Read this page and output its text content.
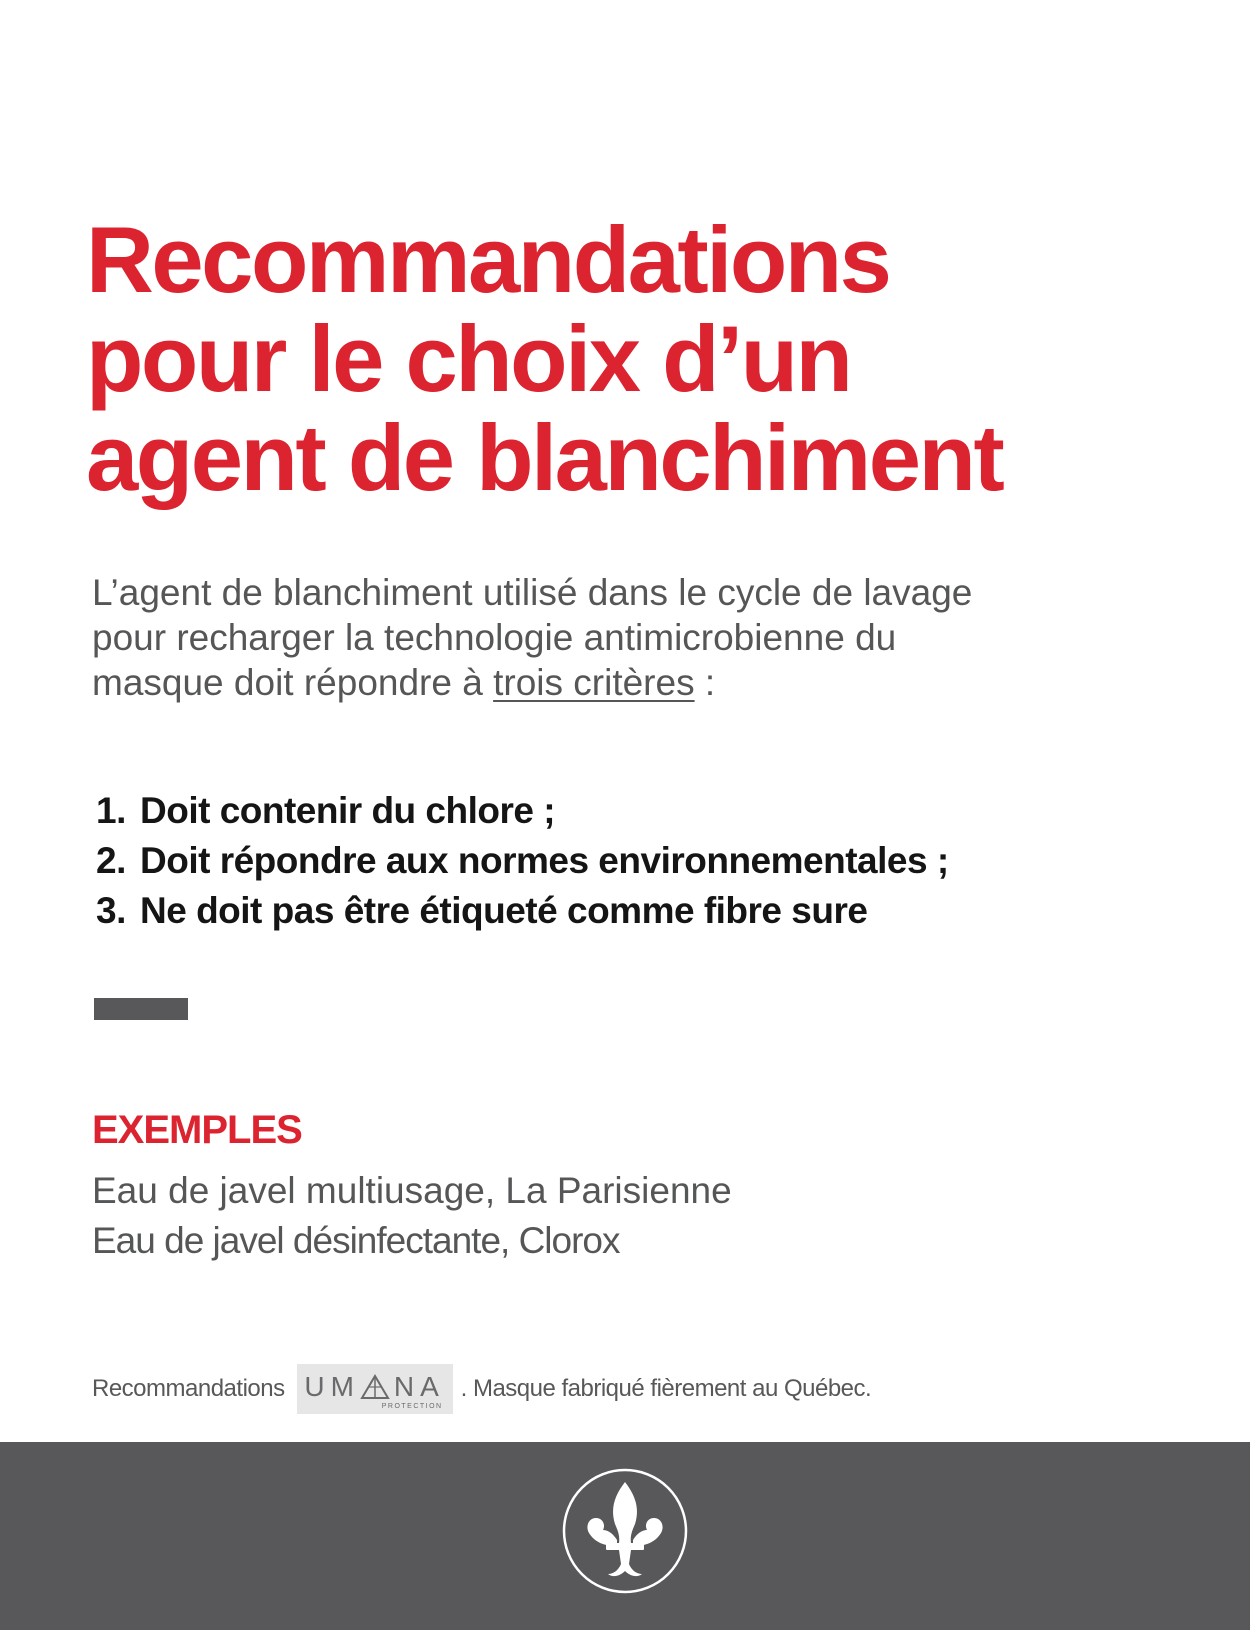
Recommandations
pour le choix d’un
agent de blanchiment

L’agent de blanchiment utilisé dans le cycle de lavage
pour recharger la technologie antimicrobienne du
masque doit répondre à trois critères :

1. Doit contenir du chlore ;
2. Doit répondre aux normes environnementales ;
3. Ne doit pas être étiqueté comme fibre sure
EXEMPLES
Eau de javel multiusage, La Parisienne
Eau de javel désinfectante, Clorox
Recommandations UM NA
PROTECTION
. Masque fabriqué fièrement au Québec.
